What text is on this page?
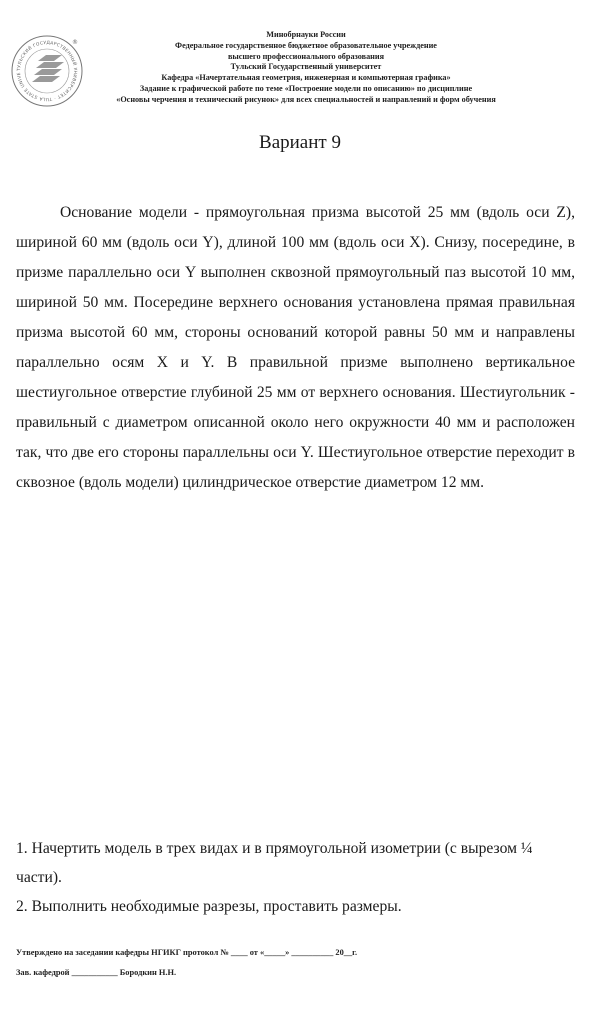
ТУЛЬСКИЙ ГОСУДАРСТВЕННЫЙ УНИВЕРСИТЕТ · TULA STATE UNIVE
®
Минобрнауки России
Федеральное государственное бюджетное образовательное учреждение
высшего профессионального образования
Тульский Государственный университет
Кафедра «Начертательная геометрия, инженерная и компьютерная графика»
Задание к графической работе по теме «Построение модели по описанию» по дисциплине
«Основы черчения и технический рисунок» для всех специальностей и направлений и форм обучения
Вариант 9

Основание модели - прямоугольная призма высотой 25 мм (вдоль оси Z), шириной 60 мм (вдоль оси Y), длиной 100 мм (вдоль оси X). Снизу, посередине, в призме параллельно оси Y выполнен сквозной прямоугольный паз высотой 10 мм, шириной 50 мм. Посередине верхнего основания установлена прямая правильная призма высотой 60 мм, стороны оснований которой равны 50 мм и направлены параллельно осям X и Y. В правильной призме выполнено вертикальное шестиугольное отверстие глубиной 25 мм от верхнего основания. Шестиугольник - правильный с диаметром описанной около него окружности 40 мм и расположен так, что две его стороны параллельны оси Y. Шестиугольное отверстие переходит в сквозное (вдоль модели) цилиндрическое отверстие диаметром 12 мм.

1. Начертить модель в трех видах и в прямоугольной изометрии (с вырезом ¼ части).

2. Выполнить необходимые разрезы, проставить размеры.

Утверждено на заседании кафедры НГИКГ протокол № ____ от «_____» __________ 20__г.
Зав. кафедрой ___________ Бородкин Н.Н.
